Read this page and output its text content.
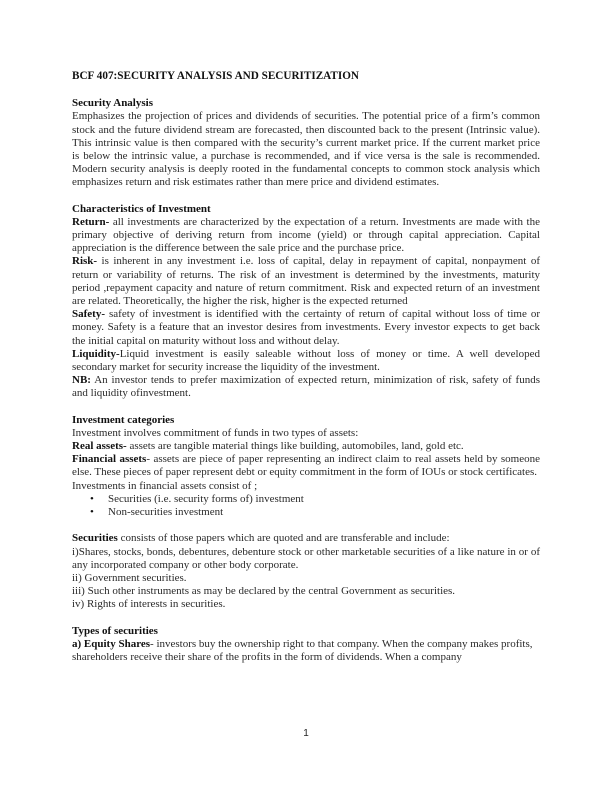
BCF 407:SECURITY ANALYSIS AND SECURITIZATION

Security Analysis

Emphasizes the projection of prices and dividends of securities. The potential price of a firm’s common stock and the future dividend stream are forecasted, then discounted back to the present (Intrinsic value). This intrinsic value is then compared with the security’s current market price. If the current market price is below the intrinsic value, a purchase is recommended, and if vice versa is the sale is recommended. Modern security analysis is deeply rooted in the fundamental concepts to common stock analysis which emphasizes return and risk estimates rather than mere price and dividend estimates.

Characteristics of Investment

Return- all investments are characterized by the expectation of a return. Investments are made with the primary objective of deriving return from income (yield) or through capital appreciation. Capital appreciation is the difference between the sale price and the purchase price.

Risk- is inherent in any investment i.e. loss of capital, delay in repayment of capital, nonpayment of return or variability of returns. The risk of an investment is determined by the investments, maturity period ,repayment capacity and nature of return commitment. Risk and expected return of an investment are related. Theoretically, the higher the risk, higher is the expected returned

Safety- safety of investment is identified with the certainty of return of capital without loss of time or money. Safety is a feature that an investor desires from investments. Every investor expects to get back the initial capital on maturity without loss and without delay.

Liquidity-Liquid investment is easily saleable without loss of money or time. A well developed secondary market for security increase the liquidity of the investment.

NB: An investor tends to prefer maximization of expected return, minimization of risk, safety of funds and liquidity ofinvestment.

Investment categories

Investment involves commitment of funds in two types of assets:

Real assets- assets are tangible material things like building, automobiles, land, gold etc.

Financial assets- assets are piece of paper representing an indirect claim to real assets held by someone else. These pieces of paper represent debt or equity commitment in the form of IOUs or stock certificates.

Investments in financial assets consist of ;

• Securities (i.e. security forms of) investment
• Non-securities investment

Securities consists of those papers which are quoted and are transferable and include:

i)Shares, stocks, bonds, debentures, debenture stock or other marketable securities of a like nature in or of any incorporated company or other body corporate.

ii) Government securities.

iii) Such other instruments as may be declared by the central Government as securities.

iv) Rights of interests in securities.

Types of securities

a) Equity Shares- investors buy the ownership right to that company. When the company makes profits, shareholders receive their share of the profits in the form of dividends. When a company

1
